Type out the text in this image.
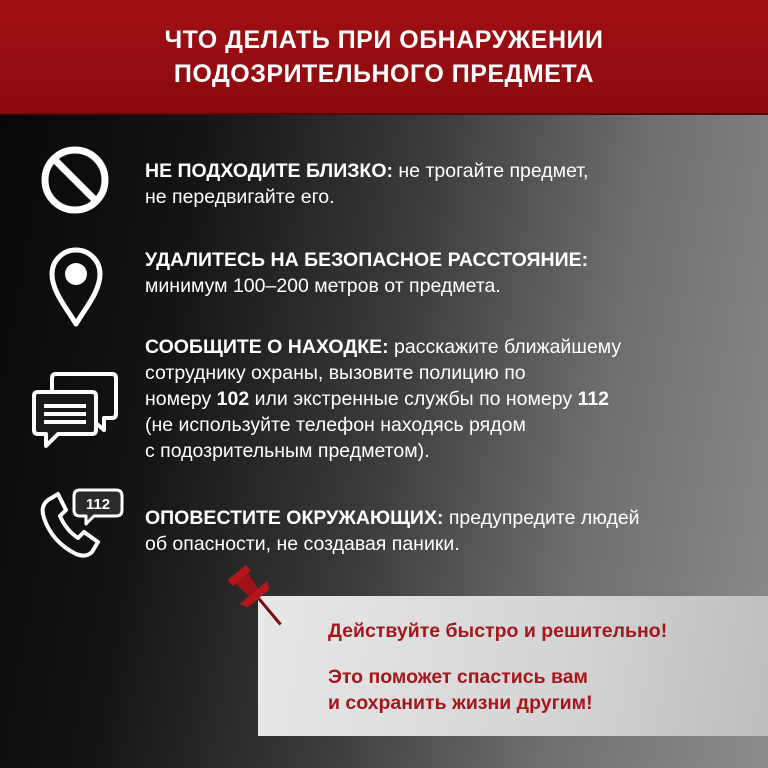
ЧТО ДЕЛАТЬ ПРИ ОБНАРУЖЕНИИ
ПОДОЗРИТЕЛЬНОГО ПРЕДМЕТА
НЕ ПОДХОДИТЕ БЛИЗКО: не трогайте предмет,
не передвигайте его.
УДАЛИТЕСЬ НА БЕЗОПАСНОЕ РАССТОЯНИЕ:
минимум 100–200 метров от предмета.
СООБЩИТЕ О НАХОДКЕ: расскажите ближайшему
сотруднику охраны, вызовите полицию по
номеру 102 или экстренные службы по номеру 112
(не используйте телефон находясь рядом
с подозрительным предметом).
112
ОПОВЕСТИТЕ ОКРУЖАЮЩИХ: предупредите людей
об опасности, не создавая паники.
Действуйте быстро и решительно!
Это поможет спастись вам
и сохранить жизни другим!
